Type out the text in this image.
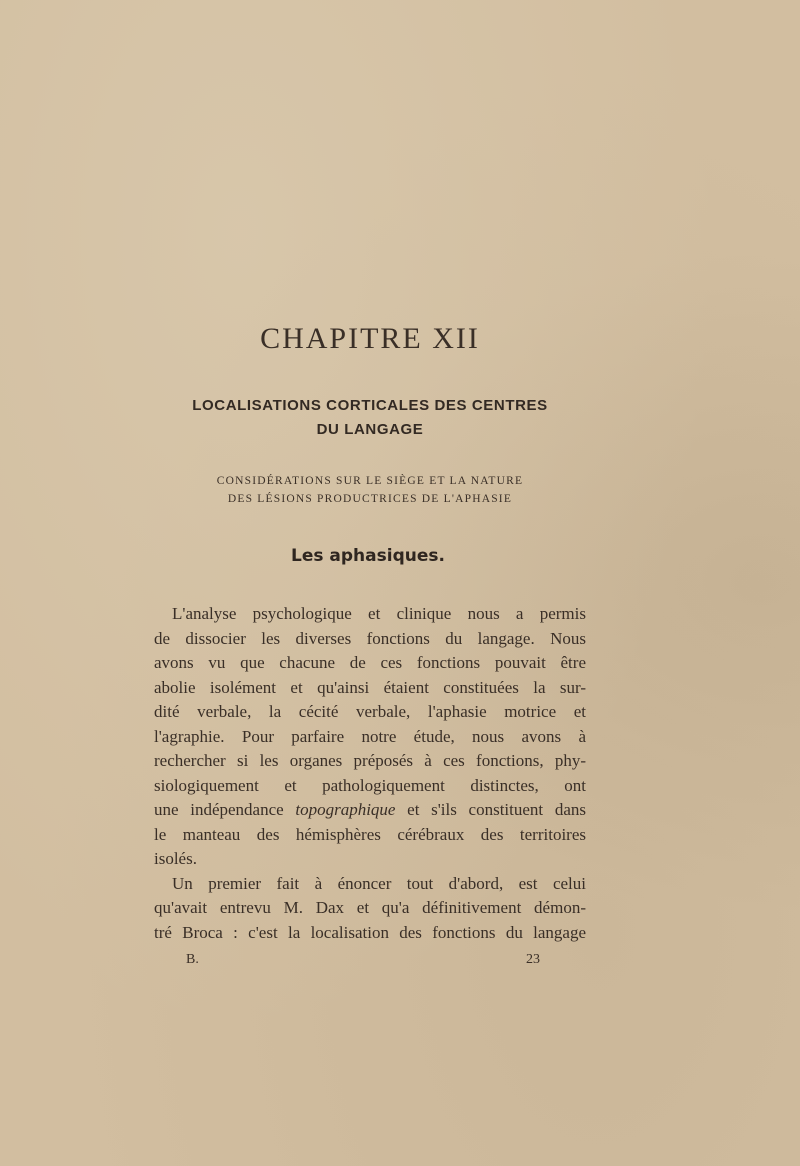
CHAPITRE XII
LOCALISATIONS CORTICALES DES CENTRES
DU LANGAGE

CONSIDÉRATIONS SUR LE SIÈGE ET LA NATURE

DES LÉSIONS PRODUCTRICES DE L'APHASIE

Les aphasiques.
L'analyse psychologique et clinique nous a permis
de dissocier les diverses fonctions du langage. Nous
avons vu que chacune de ces fonctions pouvait être
abolie isolément et qu'ainsi étaient constituées la sur-
dité verbale, la cécité verbale, l'aphasie motrice et
l'agraphie. Pour parfaire notre étude, nous avons à
rechercher si les organes préposés à ces fonctions, phy-
siologiquement et pathologiquement distinctes, ont
une indépendance topographique et s'ils constituent dans
le manteau des hémisphères cérébraux des territoires
isolés.
Un premier fait à énoncer tout d'abord, est celui
qu'avait entrevu M. Dax et qu'a définitivement démon-
tré Broca : c'est la localisation des fonctions du langage
B.	23
